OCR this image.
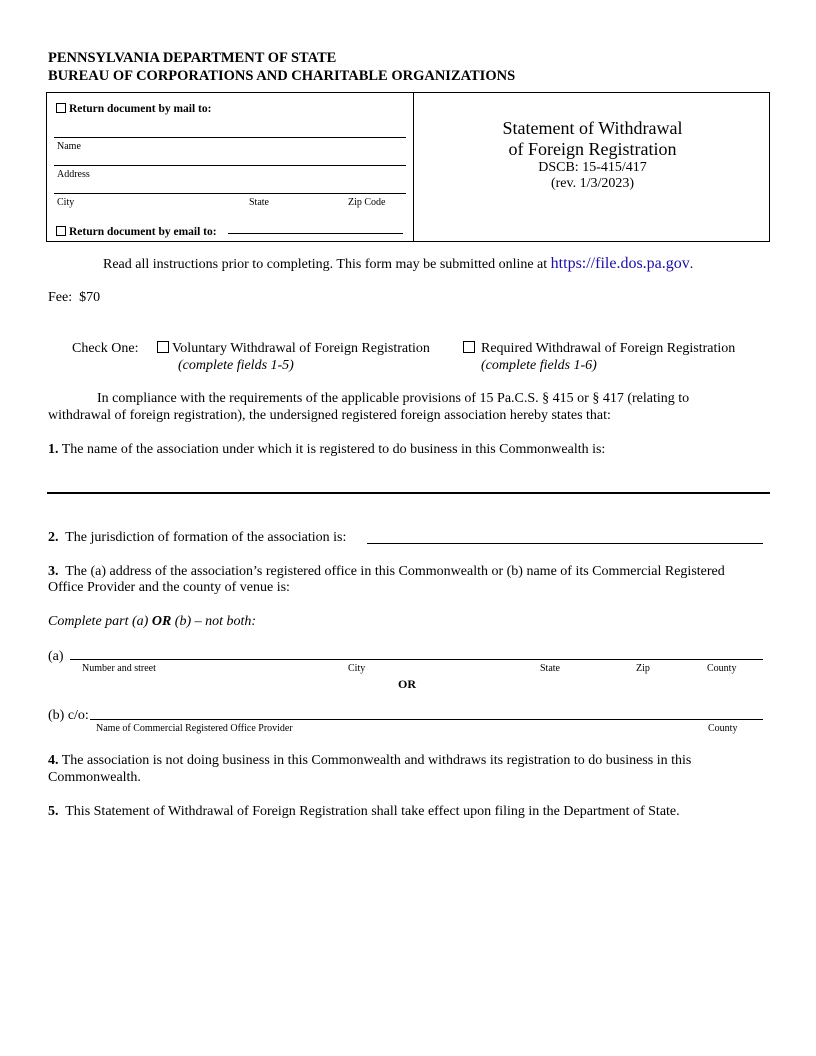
PENNSYLVANIA DEPARTMENT OF STATE
BUREAU OF CORPORATIONS AND CHARITABLE ORGANIZATIONS
Return document by mail to:
Name
Address
City	State	Zip Code
Return document by email to:
Statement of Withdrawal
of Foreign Registration
DSCB: 15-415/417
(rev. 1/3/2023)
Read all instructions prior to completing. This form may be submitted online at https://file.dos.pa.gov.
Fee:  $70
Check One:	Voluntary Withdrawal of Foreign Registration
(complete fields 1-5)
Required Withdrawal of Foreign Registration
(complete fields 1-6)
In compliance with the requirements of the applicable provisions of 15 Pa.C.S. § 415 or § 417 (relating to
withdrawal of foreign registration), the undersigned registered foreign association hereby states that:
1. The name of the association under which it is registered to do business in this Commonwealth is:
2. The jurisdiction of formation of the association is:
3. The (a) address of the association’s registered office in this Commonwealth or (b) name of its Commercial Registered
Office Provider and the county of venue is:
Complete part (a) OR (b) – not both:
(a)
Number and street	City	State	Zip	County
OR
(b) c/o:
Name of Commercial Registered Office Provider	County
4. The association is not doing business in this Commonwealth and withdraws its registration to do business in this
Commonwealth.
5. This Statement of Withdrawal of Foreign Registration shall take effect upon filing in the Department of State.
